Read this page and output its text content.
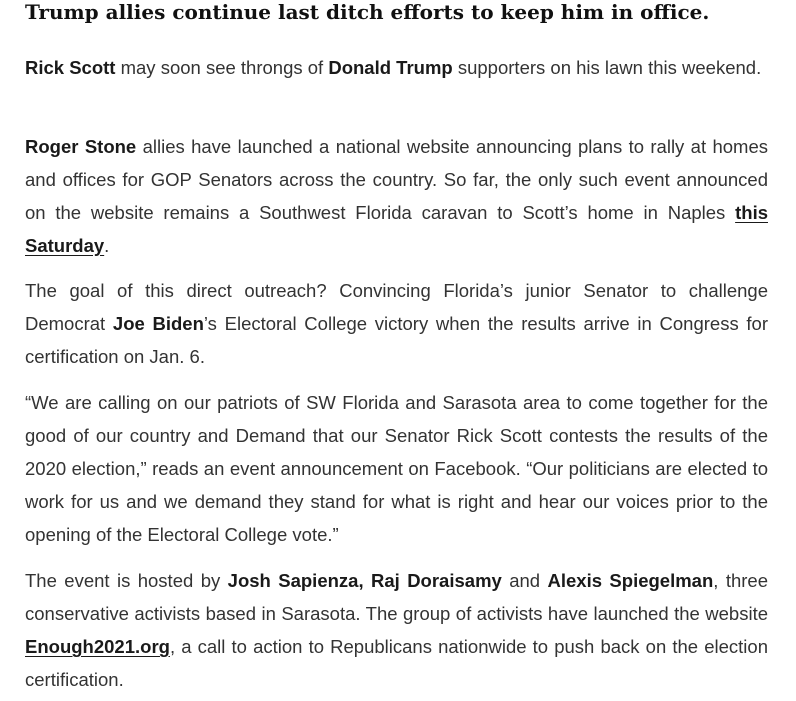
Trump allies continue last ditch efforts to keep him in office.

Rick Scott may soon see throngs of Donald Trump supporters on his lawn this weekend.

Roger Stone allies have launched a national website announcing plans to rally at homes and offices for GOP Senators across the country. So far, the only such event announced on the website remains a Southwest Florida caravan to Scott’s home in Naples this Saturday.

The goal of this direct outreach? Convincing Florida’s junior Senator to challenge Democrat Joe Biden’s Electoral College victory when the results arrive in Congress for certification on Jan. 6.

“We are calling on our patriots of SW Florida and Sarasota area to come together for the good of our country and Demand that our Senator Rick Scott contests the results of the 2020 election,” reads an event announcement on Facebook. “Our politicians are elected to work for us and we demand they stand for what is right and hear our voices prior to the opening of the Electoral College vote.”

The event is hosted by Josh Sapienza, Raj Doraisamy and Alexis Spiegelman, three conservative activists based in Sarasota. The group of activists have launched the website Enough2021.org, a call to action to Republicans nationwide to push back on the election certification.
